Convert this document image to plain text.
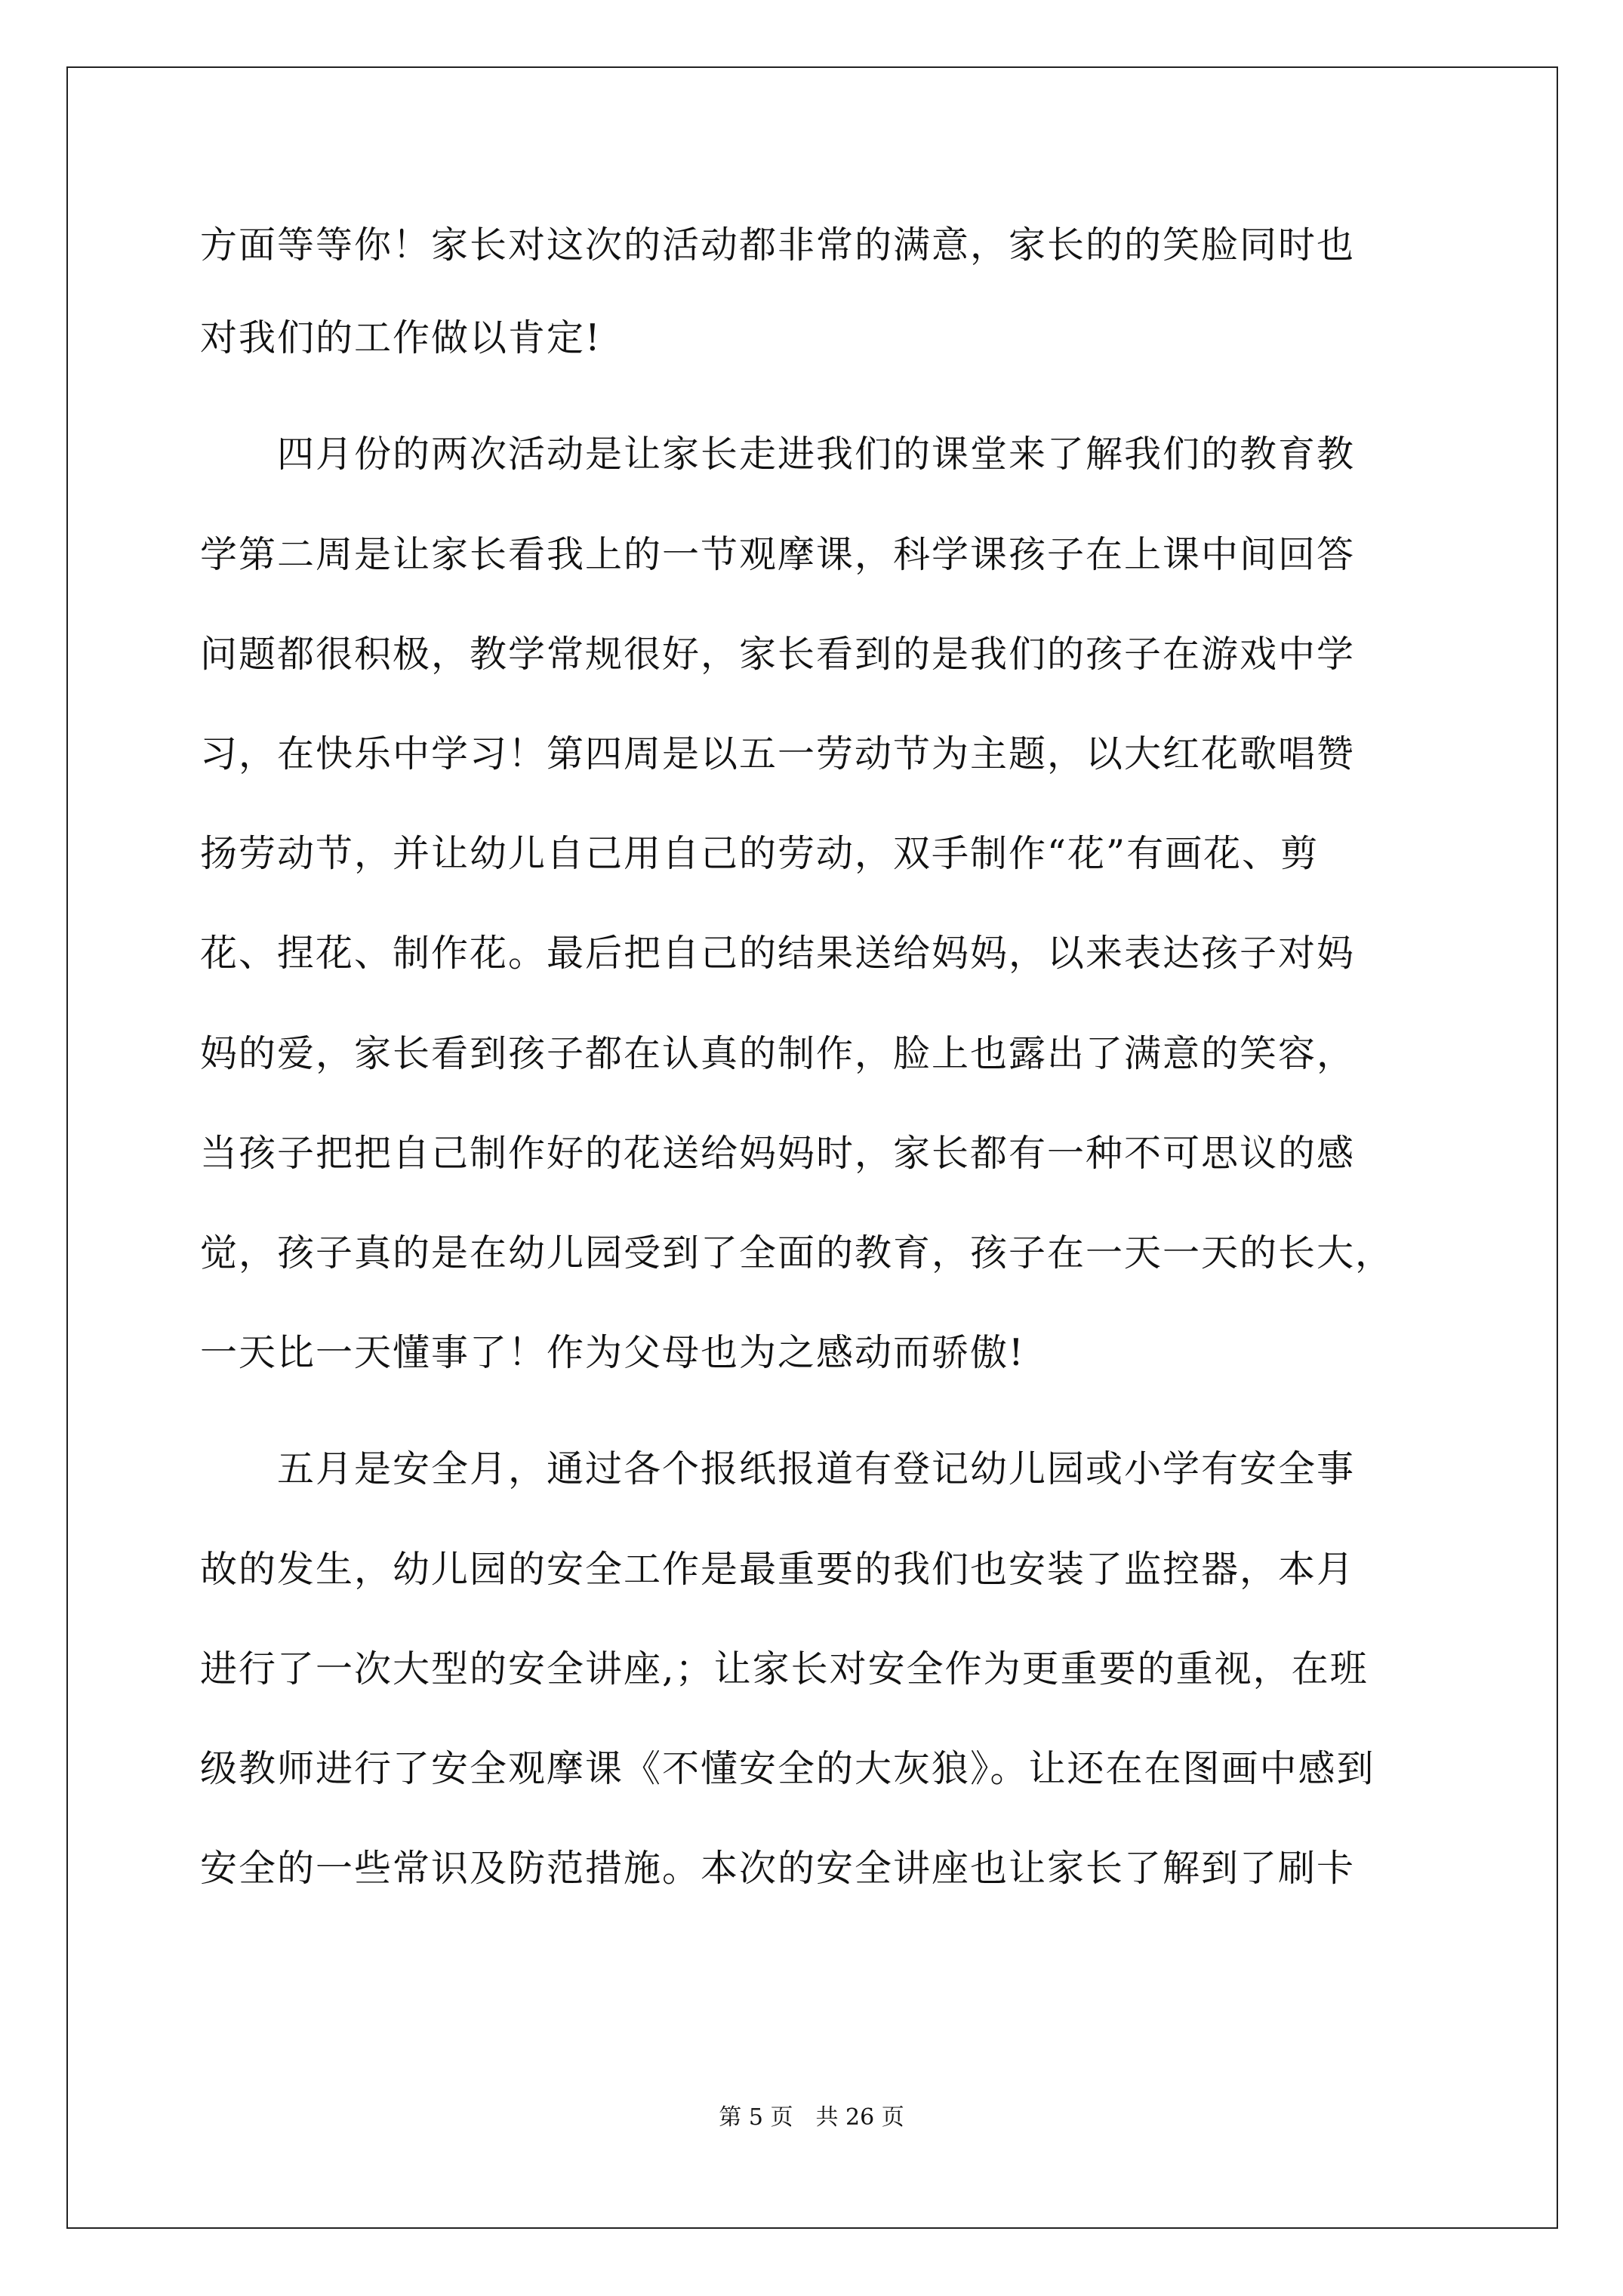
方面等等你！家长对这次的活动都非常的满意，家长的的笑脸同时也
对我们的工作做以肯定!
　　四月份的两次活动是让家长走进我们的课堂来了解我们的教育教
学第二周是让家长看我上的一节观摩课，科学课孩子在上课中间回答
问题都很积极，教学常规很好，家长看到的是我们的孩子在游戏中学
习，在快乐中学习！第四周是以五一劳动节为主题，以大红花歌唱赞
扬劳动节，并让幼儿自己用自己的劳动，双手制作“花”有画花、剪
花、捏花、制作花。最后把自己的结果送给妈妈，以来表达孩子对妈
妈的爱，家长看到孩子都在认真的制作，脸上也露出了满意的笑容，
当孩子把把自己制作好的花送给妈妈时，家长都有一种不可思议的感
觉，孩子真的是在幼儿园受到了全面的教育，孩子在一天一天的长大，
一天比一天懂事了！作为父母也为之感动而骄傲!
　　五月是安全月，通过各个报纸报道有登记幼儿园或小学有安全事
故的发生，幼儿园的安全工作是最重要的我们也安装了监控器，本月
进行了一次大型的安全讲座,；让家长对安全作为更重要的重视，在班
级教师进行了安全观摩课《不懂安全的大灰狼》。让还在在图画中感到
安全的一些常识及防范措施。本次的安全讲座也让家长了解到了刷卡
第 5 页　共 26 页
